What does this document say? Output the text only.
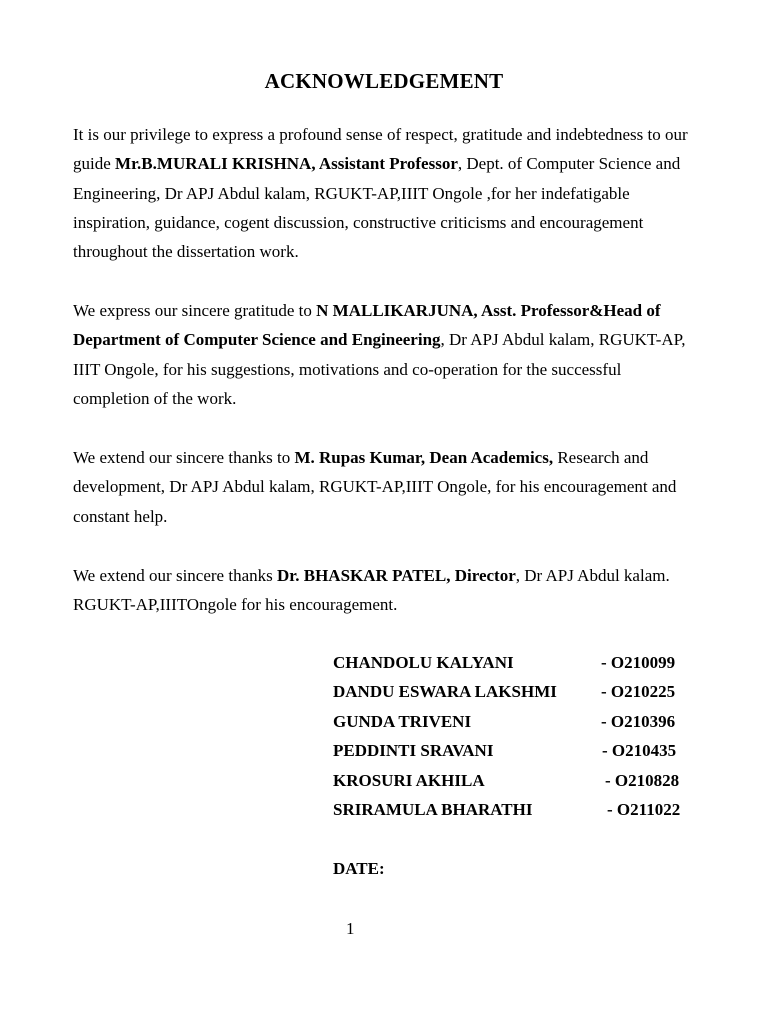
ACKNOWLEDGEMENT
It is our privilege to express a profound sense of respect, gratitude and indebtedness to our guide Mr.B.MURALI KRISHNA, Assistant Professor, Dept. of Computer Science and Engineering, Dr APJ Abdul kalam, RGUKT-AP,IIIT Ongole ,for her indefatigable inspiration, guidance, cogent discussion, constructive criticisms and encouragement throughout the dissertation work.
We express our sincere gratitude to N MALLIKARJUNA, Asst. Professor&Head of Department of Computer Science and Engineering, Dr APJ Abdul kalam, RGUKT-AP, IIIT Ongole, for his suggestions, motivations and co-operation for the successful completion of the work.
We extend our sincere thanks to M. Rupas Kumar, Dean Academics, Research and development, Dr APJ Abdul kalam, RGUKT-AP,IIIT Ongole, for his encouragement and constant help.
We extend our sincere thanks Dr. BHASKAR PATEL, Director, Dr APJ Abdul kalam. RGUKT-AP,IIITOngole for his encouragement.
CHANDOLU KALYANI	- O210099
DANDU ESWARA LAKSHMI	- O210225
GUNDA TRIVENI	- O210396
PEDDINTI SRAVANI	- O210435
KROSURI AKHILA	- O210828
SRIRAMULA BHARATHI	- O211022
DATE:
1
